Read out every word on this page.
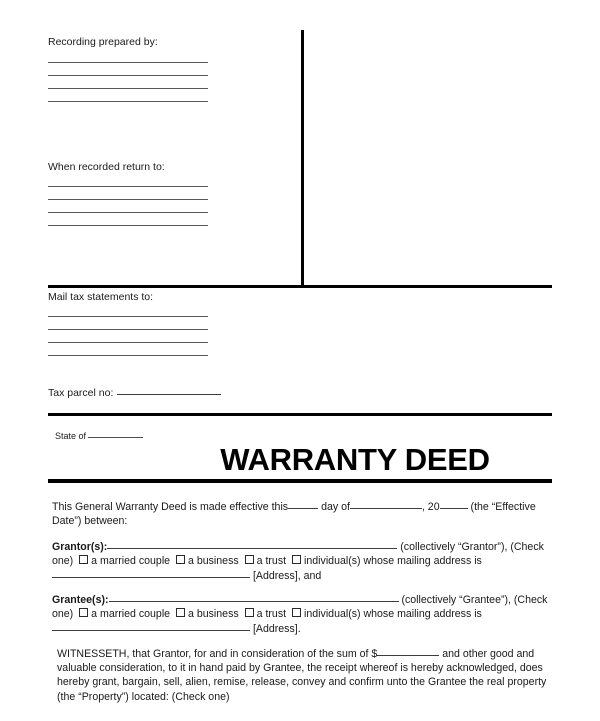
Recording prepared by:
When recorded return to:
Mail tax statements to:
Tax parcel no:
State of
WARRANTY DEED
This General Warranty Deed is made effective this	day of	, 20	(the “Effective Date”) between:
Grantor(s):	(collectively “Grantor”), (Check one) a married couple a business a trust individual(s) whose mailing address is
[Address], and
Grantee(s):	(collectively “Grantee”), (Check one) a married couple a business a trust individual(s) whose mailing address is
[Address].
WITNESSETH, that Grantor, for and in consideration of the sum of $	and other good and valuable consideration, to it in hand paid by Grantee, the receipt whereof is hereby acknowledged, does hereby grant, bargain, sell, alien, remise, release, convey and confirm unto the Grantee the real property (the “Property”) located: (Check one)
